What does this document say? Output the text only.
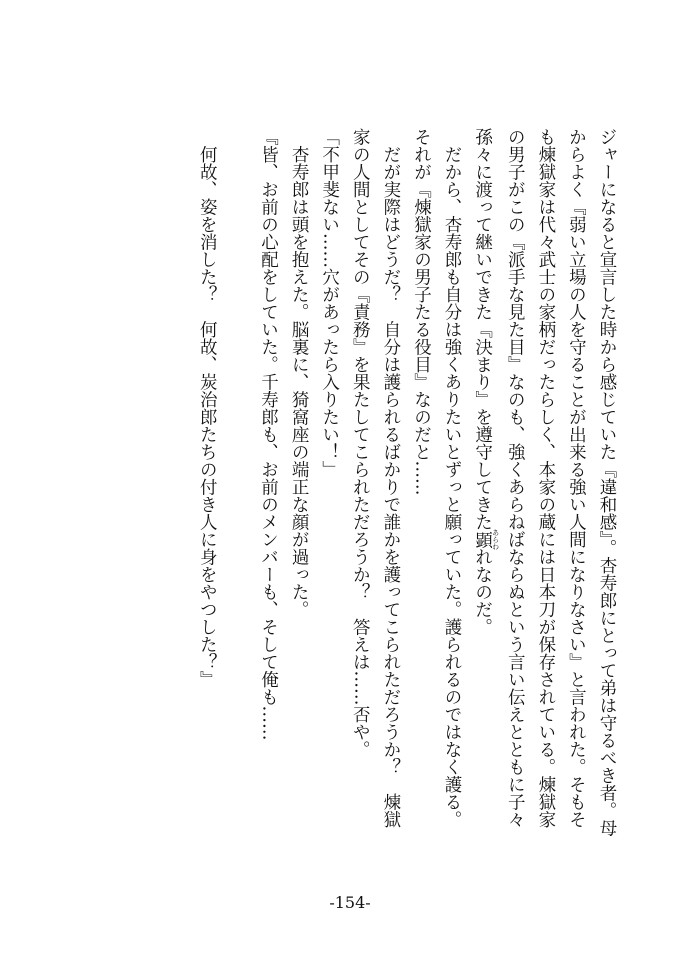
ジャーになると宣言した時から感じていた『違和感』。杏寿郎にとって弟は守るべき者。母
からよく『弱い立場の人を守ることが出来る強い人間になりなさい』と言われた。そもそ
も煉獄家は代々武士の家柄だったらしく、本家の蔵には日本刀が保存されている。煉獄家
の男子がこの『派手な見た目』なのも、強くあらねばならぬという言い伝えとともに子々
孫々に渡って継いできた『決まり』を遵守してきた顕 あらわれなのだ。
　だから、杏寿郎も自分は強くありたいとずっと願っていた。護られるのではなく護る。
それが『煉獄家の男子たる役目』なのだと……
　だが実際はどうだ？　自分は護られるばかりで誰かを護ってこられただろうか？　煉獄
家の人間としてその『責務』を果たしてこられただろうか？　答えは……否や。
「不甲斐ない……穴があったら入りたい！」
　杏寿郎は頭を抱えた。脳裏に、猗窩座の端正な顔が過った。
『皆、お前の心配をしていた。千寿郎も、お前のメンバーも、そして俺も……
　何故、姿を消した？　何故、炭治郎たちの付き人に身をやつした？』
-154-
